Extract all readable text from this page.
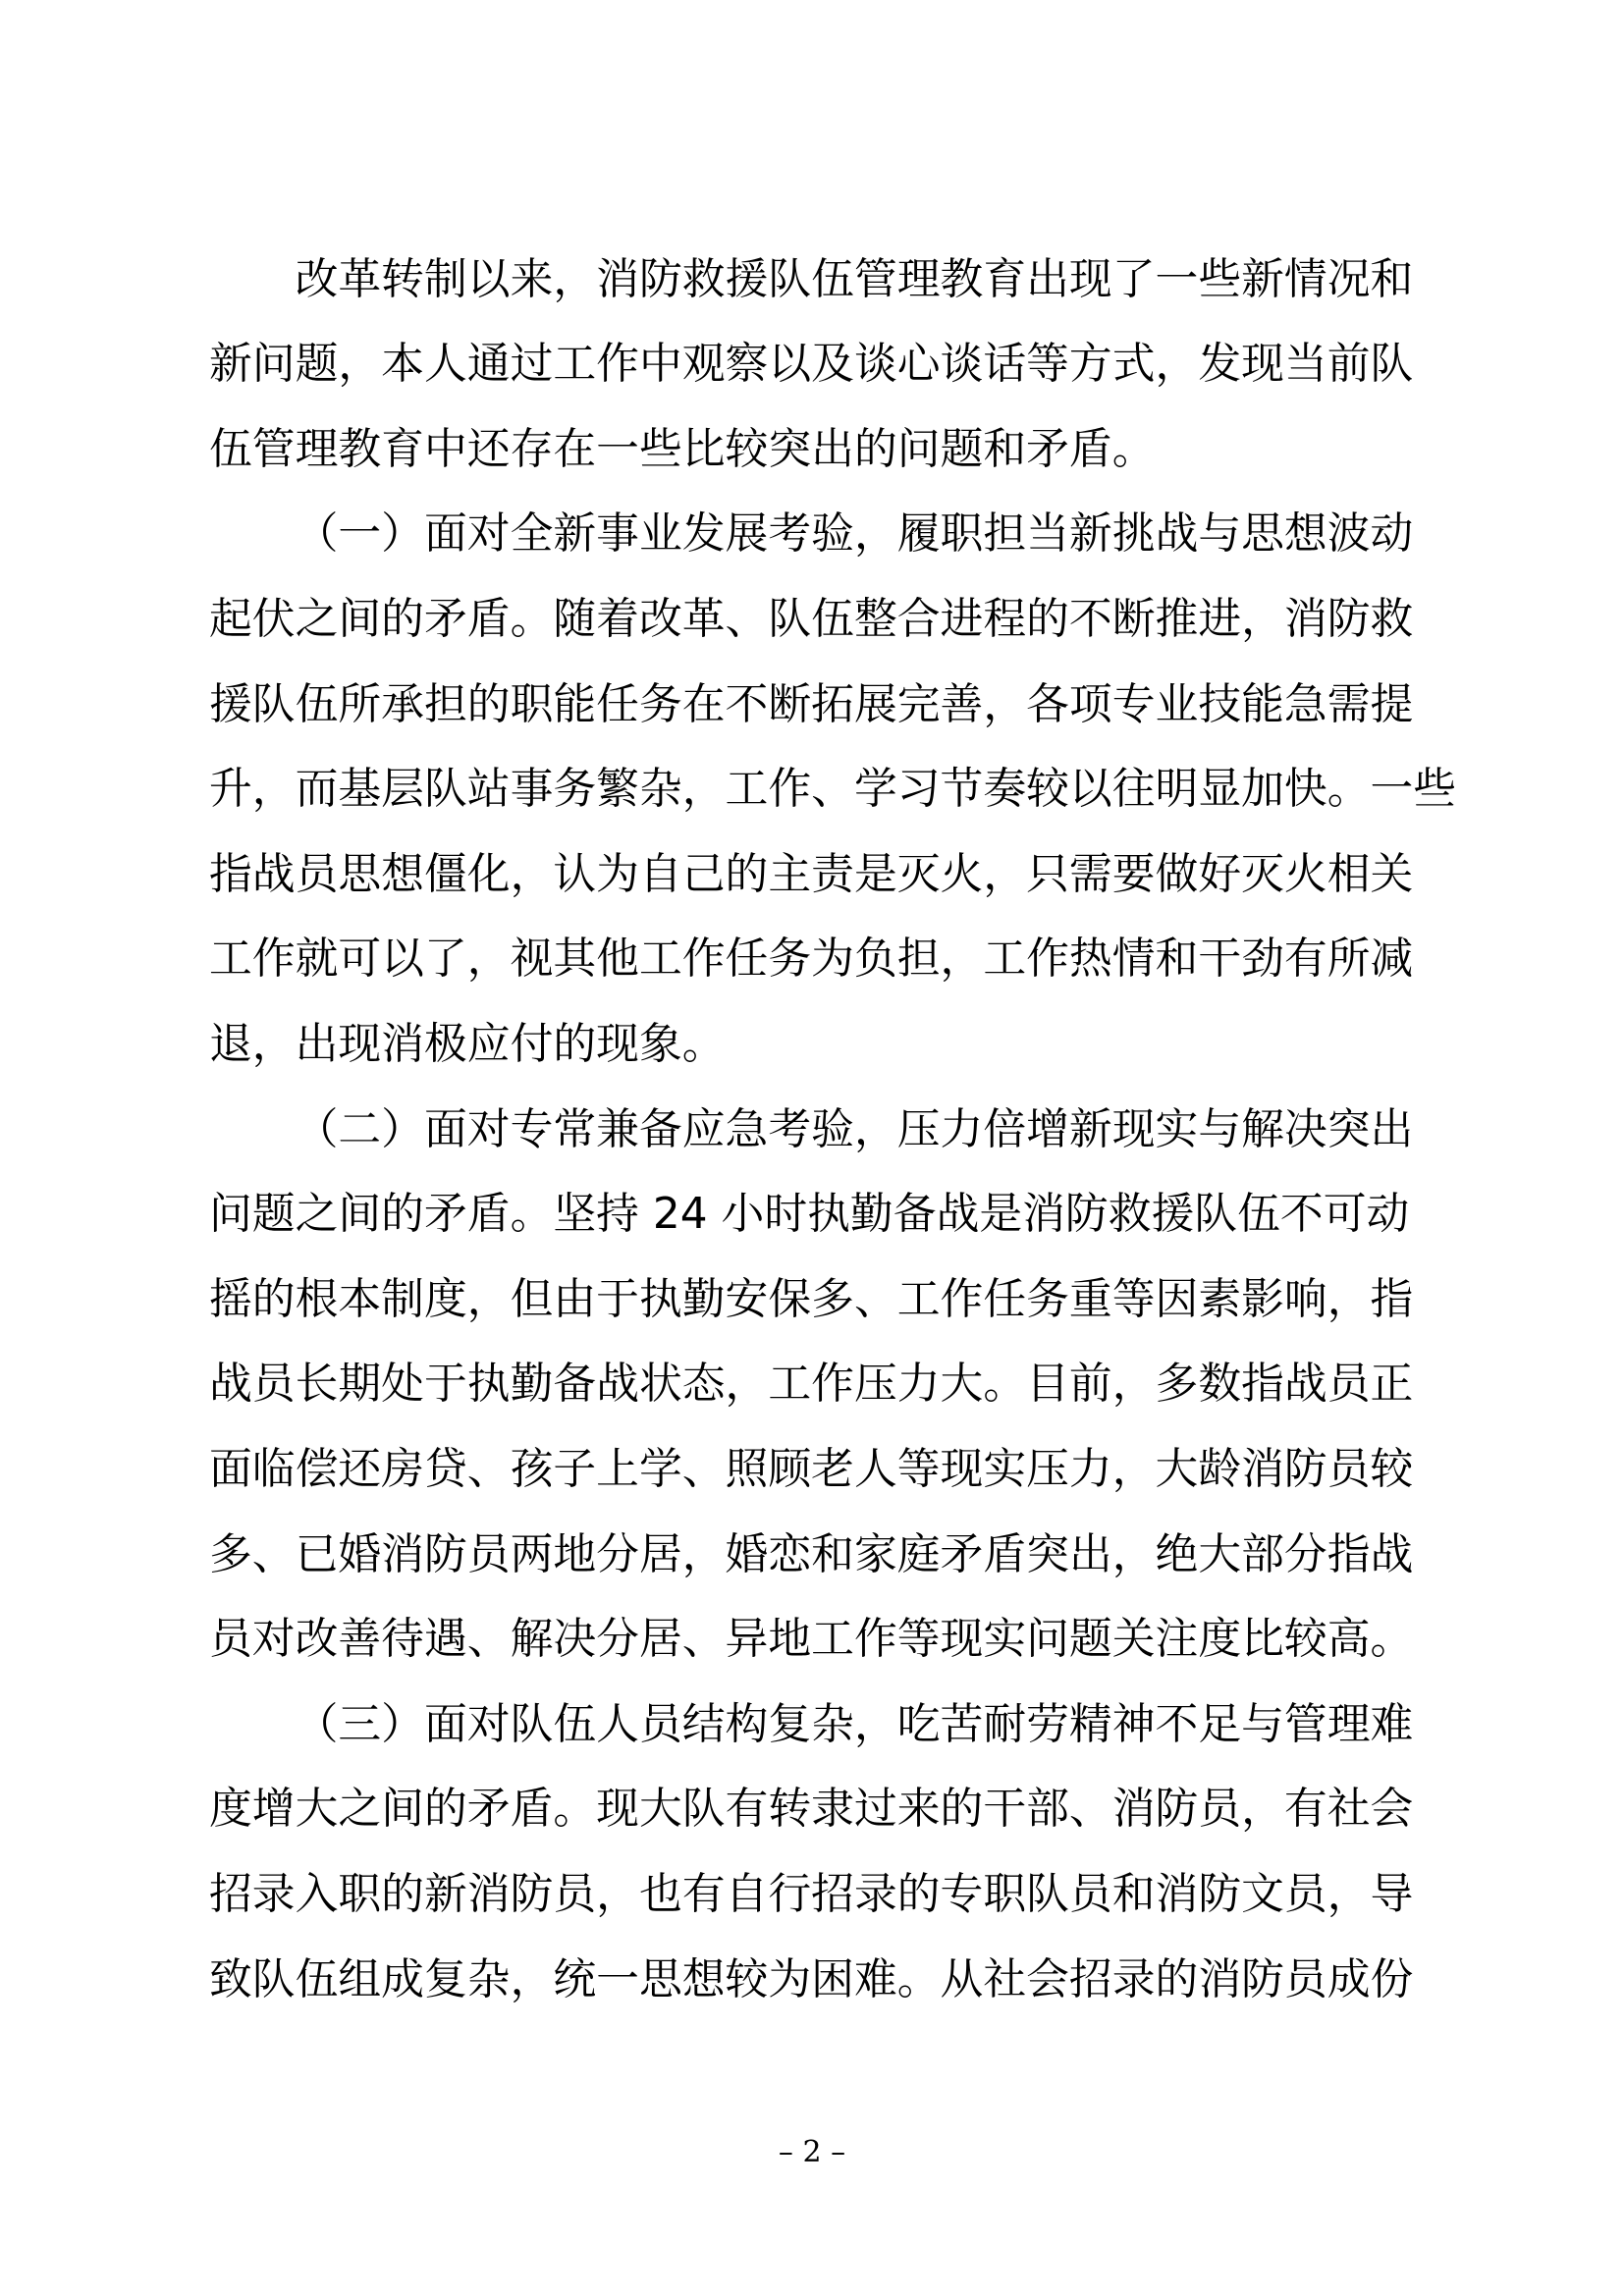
改革转制以来，消防救援队伍管理教育出现了一些新情况和
新问题，本人通过工作中观察以及谈心谈话等方式，发现当前队
伍管理教育中还存在一些比较突出的问题和矛盾。
（一）面对全新事业发展考验，履职担当新挑战与思想波动
起伏之间的矛盾。随着改革、队伍整合进程的不断推进，消防救
援队伍所承担的职能任务在不断拓展完善，各项专业技能急需提
升，而基层队站事务繁杂，工作、学习节奏较以往明显加快。一些
指战员思想僵化，认为自己的主责是灭火，只需要做好灭火相关
工作就可以了，视其他工作任务为负担，工作热情和干劲有所减
退，出现消极应付的现象。
（二）面对专常兼备应急考验，压力倍增新现实与解决突出
问题之间的矛盾。坚持 24 小时执勤备战是消防救援队伍不可动
摇的根本制度，但由于执勤安保多、工作任务重等因素影响，指
战员长期处于执勤备战状态，工作压力大。目前，多数指战员正
面临偿还房贷、孩子上学、照顾老人等现实压力，大龄消防员较
多、已婚消防员两地分居，婚恋和家庭矛盾突出，绝大部分指战
员对改善待遇、解决分居、异地工作等现实问题关注度比较高。
（三）面对队伍人员结构复杂，吃苦耐劳精神不足与管理难
度增大之间的矛盾。现大队有转隶过来的干部、消防员，有社会
招录入职的新消防员，也有自行招录的专职队员和消防文员，导
致队伍组成复杂，统一思想较为困难。从社会招录的消防员成份
– 2 –
